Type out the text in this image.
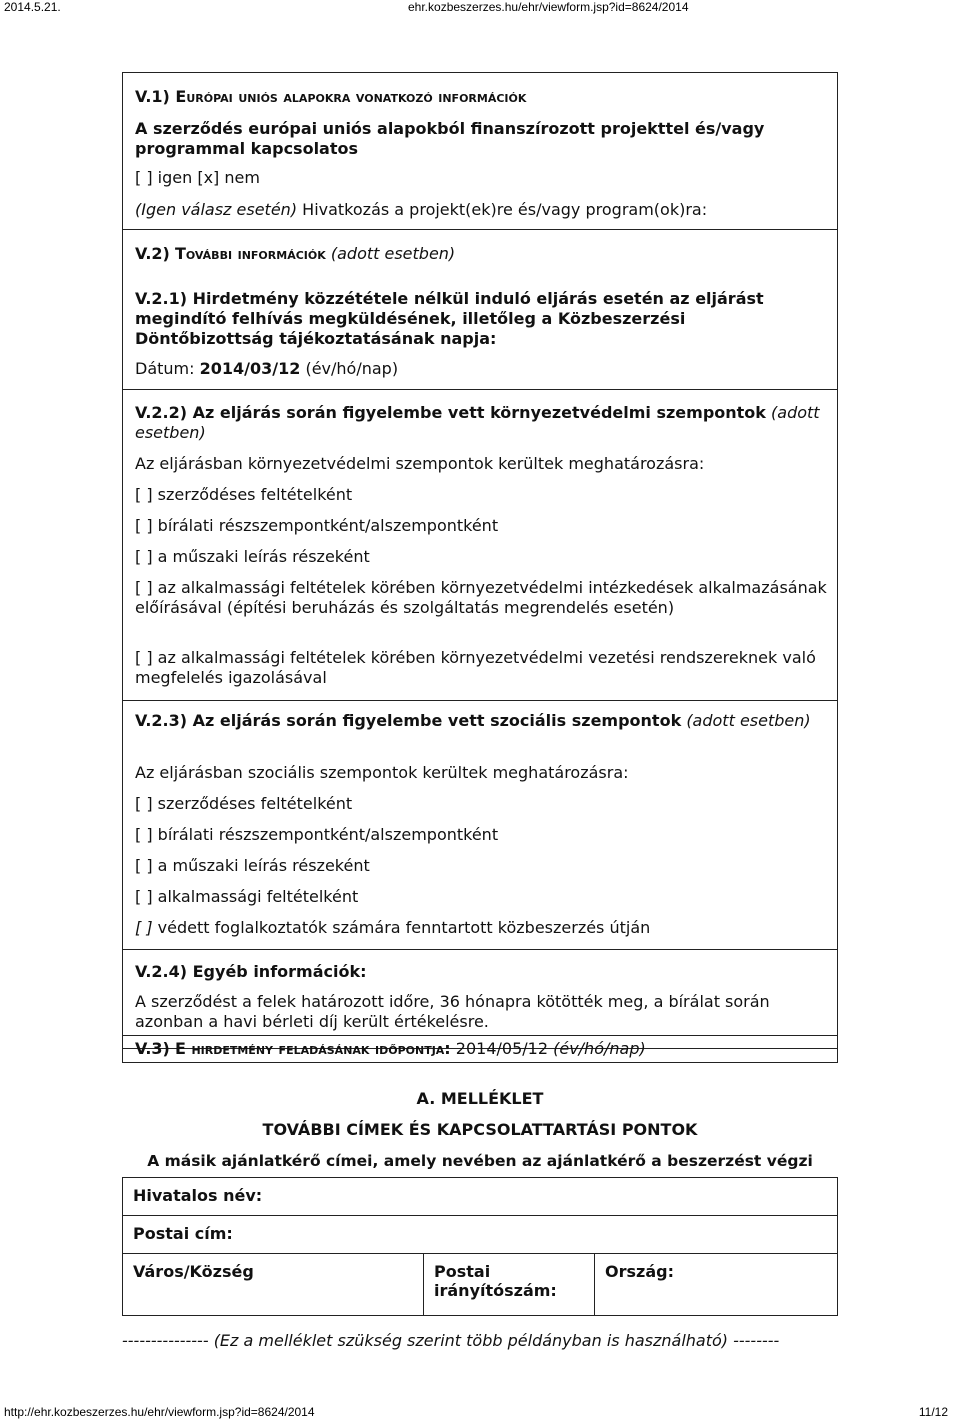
2014.5.21.	ehr.kozbeszerzes.hu/ehr/viewform.jsp?id=8624/2014

V.1) Európai uniós alapokra vonatkozó információk

A szerződés európai uniós alapokból finanszírozott projekttel és/vagy programmal kapcsolatos

[ ] igen [x] nem

(Igen válasz esetén) Hivatkozás a projekt(ek)re és/vagy program(ok)ra:

V.2) További információk (adott esetben)

V.2.1) Hirdetmény közzététele nélkül induló eljárás esetén az eljárást megindító felhívás megküldésének, illetőleg a Közbeszerzési Döntőbizottság tájékoztatásának napja:

Dátum: 2014/03/12 (év/hó/nap)

V.2.2) Az eljárás során figyelembe vett környezetvédelmi szempontok (adott esetben)

Az eljárásban környezetvédelmi szempontok kerültek meghatározásra:

[ ] szerződéses feltételként

[ ] bírálati részszempontként/alszempontként

[ ] a műszaki leírás részeként

[ ] az alkalmassági feltételek körében környezetvédelmi intézkedések alkalmazásának előírásával (építési beruházás és szolgáltatás megrendelés esetén)

[ ] az alkalmassági feltételek körében környezetvédelmi vezetési rendszereknek való megfelelés igazolásával

V.2.3) Az eljárás során figyelembe vett szociális szempontok (adott esetben)

Az eljárásban szociális szempontok kerültek meghatározásra:

[ ] szerződéses feltételként

[ ] bírálati részszempontként/alszempontként

[ ] a műszaki leírás részeként

[ ] alkalmassági feltételként

[ ] védett foglalkoztatók számára fenntartott közbeszerzés útján

V.2.4) Egyéb információk:

A szerződést a felek határozott időre, 36 hónapra kötötték meg, a bírálat során azonban a havi bérleti díj került értékelésre.

V.3) E hirdetmény feladásának időpontja: 2014/05/12 (év/hó/nap)

A. MELLÉKLET
TOVÁBBI CÍMEK ÉS KAPCSOLATTARTÁSI PONTOK
A másik ajánlatkérő címei, amely nevében az ajánlatkérő a beszerzést végzi
Hivatalos név:
Postai cím:
Város/Község	Postai irányítószám:	Ország:
--------------- (Ez a melléklet szükség szerint több példányban is használható) --------
http://ehr.kozbeszerzes.hu/ehr/viewform.jsp?id=8624/2014	11/12
